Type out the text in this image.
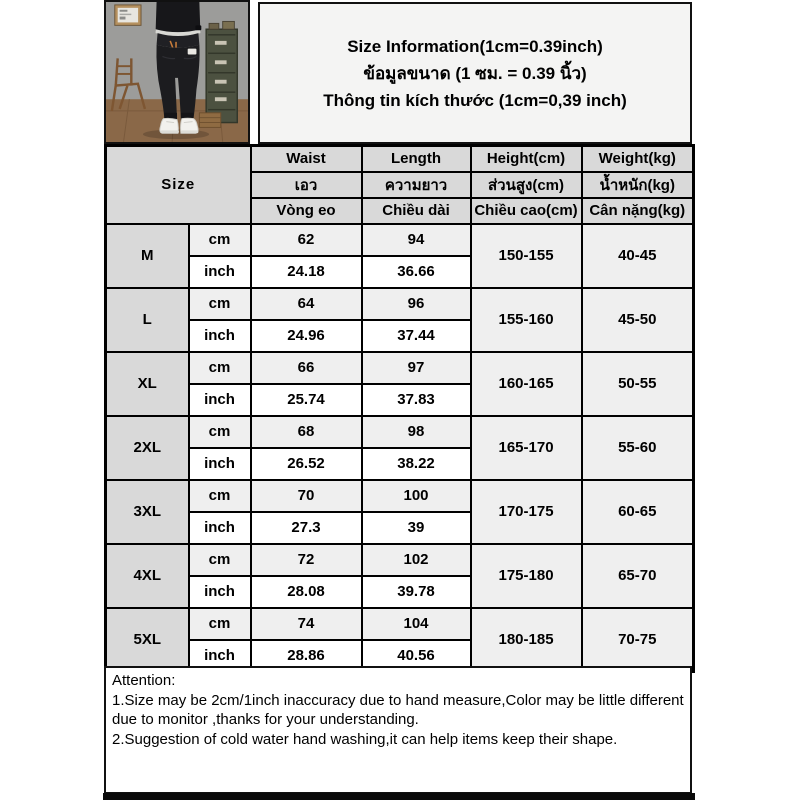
Size Information(1cm=0.39inch)
ข้อมูลขนาด (1 ซม. = 0.39 นิ้ว)
Thông tin kích thước (1cm=0,39 inch)
Size		Waist	Length	Height(cm)	Weight(kg)
		เอว	ความยาว	ส่วนสูง(cm)	น้ำหนัก(kg)
		Vòng eo	Chiều dài	Chiều cao(cm)	Cân nặng(kg)
M	cm	62	94	150-155	40-45
	inch	24.18	36.66		
L	cm	64	96	155-160	45-50
	inch	24.96	37.44		
XL	cm	66	97	160-165	50-55
	inch	25.74	37.83		
2XL	cm	68	98	165-170	55-60
	inch	26.52	38.22		
3XL	cm	70	100	170-175	60-65
	inch	27.3	39		
4XL	cm	72	102	175-180	65-70
	inch	28.08	39.78		
5XL	cm	74	104	180-185	70-75
	inch	28.86	40.56		

Attention:

1.Size may be 2cm/1inch inaccuracy due to hand measure,Color may be little different due to monitor ,thanks for your understanding.

2.Suggestion of cold water hand washing,it can help items keep their shape.
